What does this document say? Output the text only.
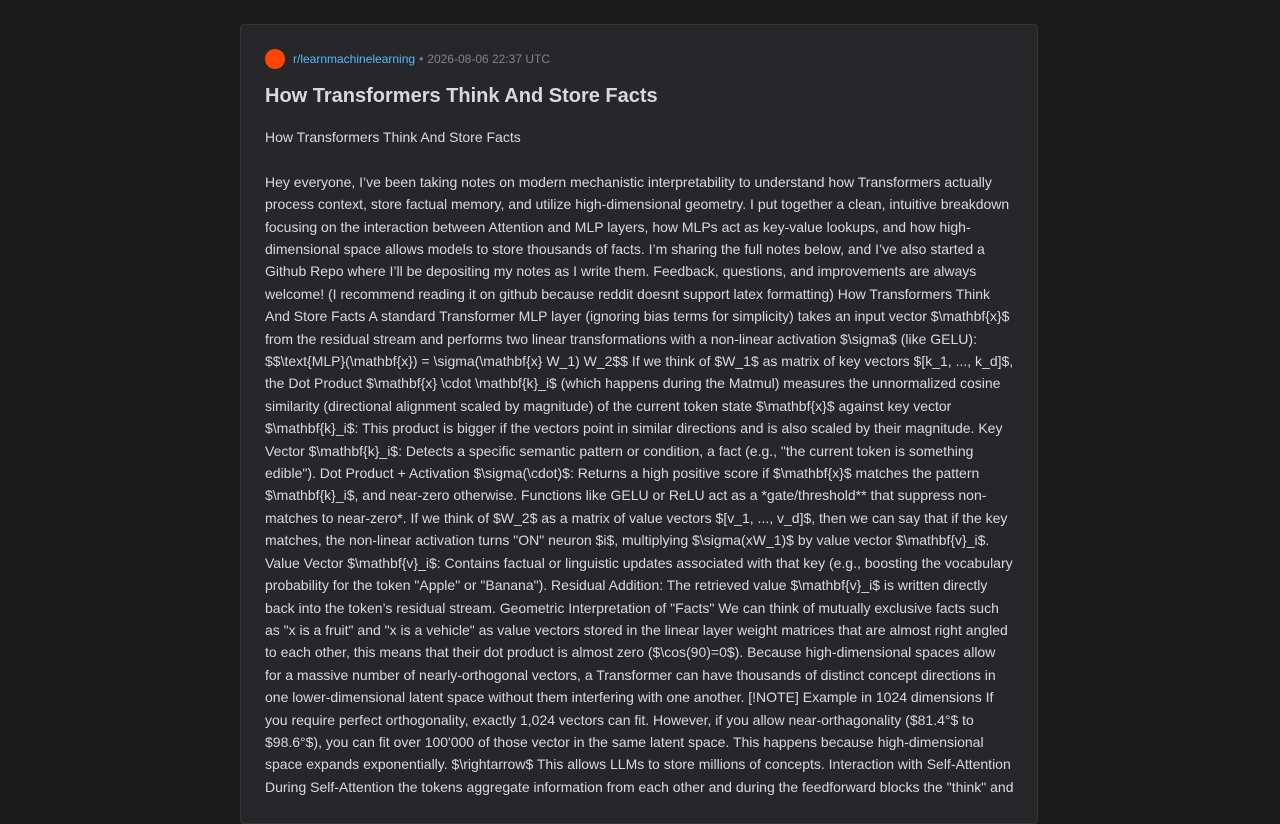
r/learnmachinelearning • 2026-08-06 22:37 UTC
How Transformers Think And Store Facts

How Transformers Think And Store Facts

Hey everyone, I’ve been taking notes on modern mechanistic interpretability to understand how Transformers actually process context, store factual memory, and utilize high-dimensional geometry. I put together a clean, intuitive breakdown focusing on the interaction between Attention and MLP layers, how MLPs act as key-value lookups, and how high-dimensional space allows models to store thousands of facts. I’m sharing the full notes below, and I’ve also started a Github Repo where I’ll be depositing my notes as I write them. Feedback, questions, and improvements are always welcome! (I recommend reading it on github because reddit doesnt support latex formatting) How Transformers Think And Store Facts A standard Transformer MLP layer (ignoring bias terms for simplicity) takes an input vector $\mathbf{x}$ from the residual stream and performs two linear transformations with a non-linear activation $\sigma$ (like GELU): $$\text{MLP}(\mathbf{x}) = \sigma(\mathbf{x} W_1) W_2$$ If we think of $W_1$ as matrix of key vectors $[k_1, ..., k_d]$, the Dot Product $\mathbf{x} \cdot \mathbf{k}_i$ (which happens during the Matmul) measures the unnormalized cosine similarity (directional alignment scaled by magnitude) of the current token state $\mathbf{x}$ against key vector $\mathbf{k}_i$: This product is bigger if the vectors point in similar directions and is also scaled by their magnitude. Key Vector $\mathbf{k}_i$: Detects a specific semantic pattern or condition, a fact (e.g., "the current token is something edible"). Dot Product + Activation $\sigma(\cdot)$: Returns a high positive score if $\mathbf{x}$ matches the pattern $\mathbf{k}_i$, and near-zero otherwise. Functions like GELU or ReLU act as a *gate/threshold** that suppress non-matches to near-zero*. If we think of $W_2$ as a matrix of value vectors $[v_1, ..., v_d]$, then we can say that if the key matches, the non-linear activation turns "ON" neuron $i$, multiplying $\sigma(xW_1)$ by value vector $\mathbf{v}_i$. Value Vector $\mathbf{v}_i$: Contains factual or linguistic updates associated with that key (e.g., boosting the vocabulary probability for the token "Apple" or "Banana"). Residual Addition: The retrieved value $\mathbf{v}_i$ is written directly back into the token’s residual stream. Geometric Interpretation of "Facts" We can think of mutually exclusive facts such as "x is a fruit" and "x is a vehicle" as value vectors stored in the linear layer weight matrices that are almost right angled to each other, this means that their dot product is almost zero ($\cos(90)=0$). Because high-dimensional spaces allow for a massive number of nearly-orthogonal vectors, a Transformer can have thousands of distinct concept directions in one lower-dimensional latent space without them interfering with one another. [!NOTE] Example in 1024 dimensions If you require perfect orthogonality, exactly 1,024 vectors can fit. However, if you allow near-orthagonality ($81.4°$ to $98.6°$), you can fit over 100'000 of those vector in the same latent space. This happens because high-dimensional space expands exponentially. $\rightarrow$ This allows LLMs to store millions of concepts. Interaction with Self-Attention During Self-Attention the tokens aggregate information from each other and during the feedforward blocks the "think" and
